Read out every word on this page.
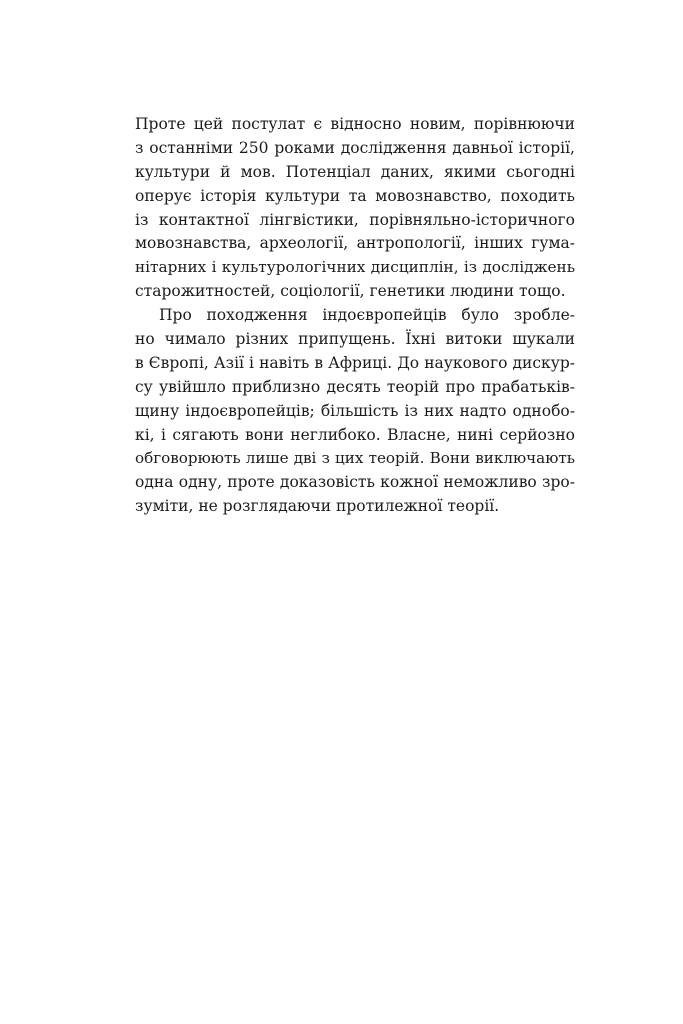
Проте цей постулат є відносно новим, порівнюючи
з останніми 250 роками дослідження давньої історії,
культури й мов. Потенціал даних, якими сьогодні
оперує історія культури та мовознавство, походить
із контактної лінгвістики, порівняльно-історичного
мовознавства, археології, антропології, інших гума-
нітарних і культурологічних дисциплін, із досліджень
старожитностей, соціології, генетики людини тощо.

Про походження індоєвропейців було зробле-
но чимало різних припущень. Їхні витоки шукали
в Європі, Азії і навіть в Африці. До наукового дискур-
су увійшло приблизно десять теорій про прабатьків-
щину індоєвропейців; більшість із них надто однобо-
кі, і сягають вони неглибоко. Власне, нині серйозно
обговорюють лише дві з цих теорій. Вони виключають
одна одну, проте доказовість кожної неможливо зро-
зуміти, не розглядаючи протилежної теорії.
